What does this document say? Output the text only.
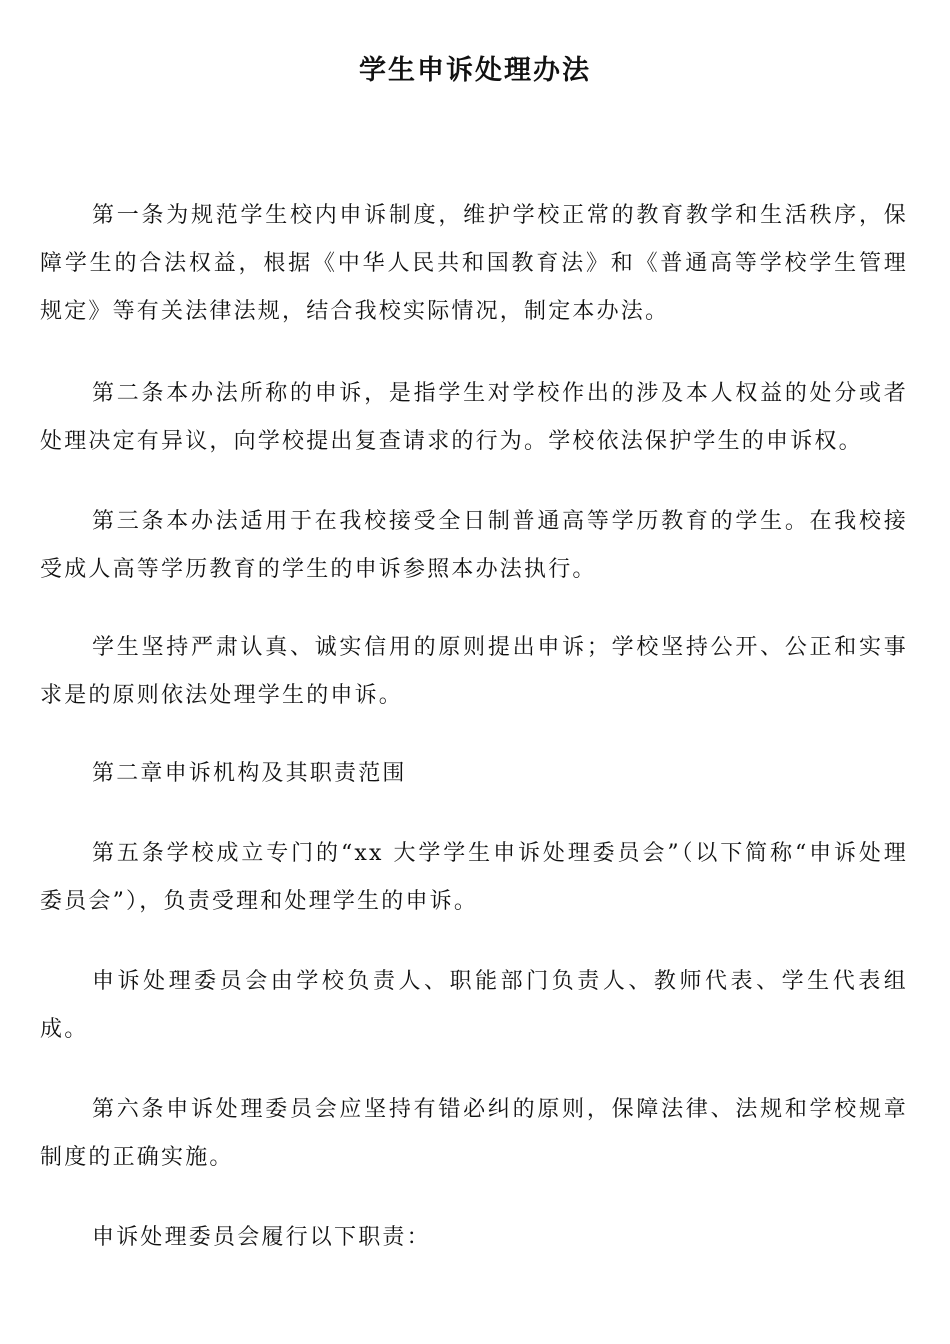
学生申诉处理办法

第一条为规范学生校内申诉制度，维护学校正常的教育教学和生活秩序，保障学生的合法权益，根据《中华人民共和国教育法》和《普通高等学校学生管理规定》等有关法律法规，结合我校实际情况，制定本办法。

第二条本办法所称的申诉，是指学生对学校作出的涉及本人权益的处分或者处理决定有异议，向学校提出复查请求的行为。学校依法保护学生的申诉权。

第三条本办法适用于在我校接受全日制普通高等学历教育的学生。在我校接受成人高等学历教育的学生的申诉参照本办法执行。

学生坚持严肃认真、诚实信用的原则提出申诉；学校坚持公开、公正和实事求是的原则依法处理学生的申诉。

第二章申诉机构及其职责范围

第五条学校成立专门的“xx 大学学生申诉处理委员会”（以下简称“申诉处理委员会”），负责受理和处理学生的申诉。

申诉处理委员会由学校负责人、职能部门负责人、教师代表、学生代表组成。

第六条申诉处理委员会应坚持有错必纠的原则，保障法律、法规和学校规章制度的正确实施。

申诉处理委员会履行以下职责：
